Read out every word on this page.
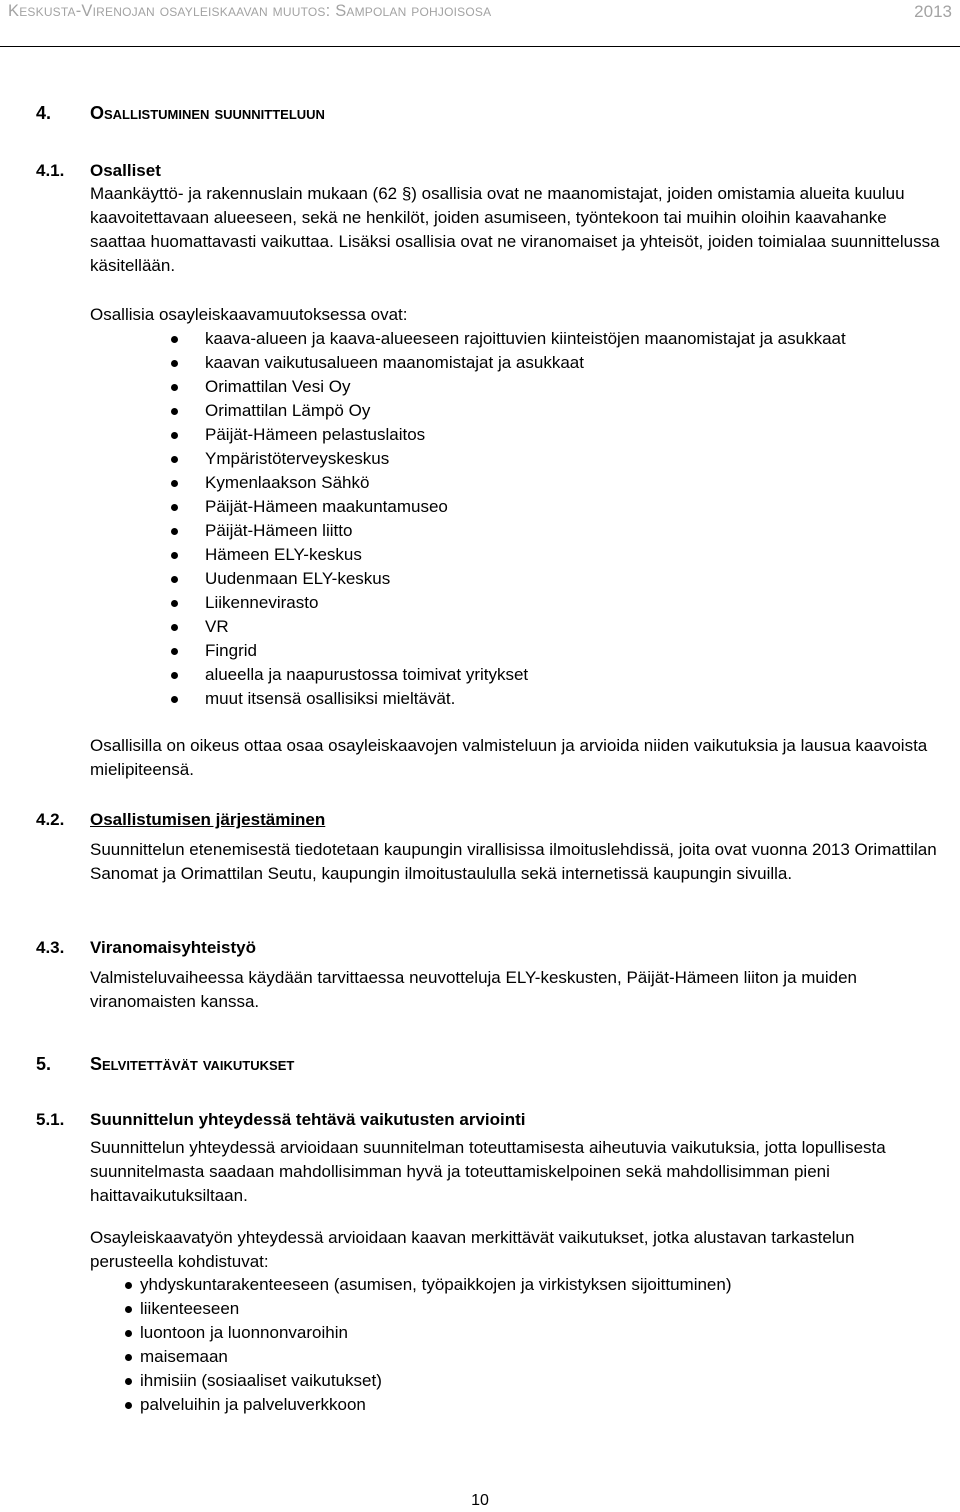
Keskusta-Virenojan osayleiskaavan muutos: Sampolan pohjoisosa	2013
4. Osallistuminen suunnitteluun
4.1. Osalliset

Maankäyttö- ja rakennuslain mukaan (62 §) osallisia ovat ne maanomistajat, joiden omistamia alueita kuuluu kaavoitettavaan alueeseen, sekä ne henkilöt, joiden asumiseen, työntekoon tai muihin oloihin kaavahanke saattaa huomattavasti vaikuttaa. Lisäksi osallisia ovat ne viranomaiset ja yhteisöt, joiden toimialaa suunnittelussa käsitellään.

Osallisia osayleiskaavamuutoksessa ovat:

kaava-alueen ja kaava-alueeseen rajoittuvien kiinteistöjen maanomistajat ja asukkaat
kaavan vaikutusalueen maanomistajat ja asukkaat
Orimattilan Vesi Oy
Orimattilan Lämpö Oy
Päijät-Hämeen pelastuslaitos
Ympäristöterveyskeskus
Kymenlaakson Sähkö
Päijät-Hämeen maakuntamuseo
Päijät-Hämeen liitto
Hämeen ELY-keskus
Uudenmaan ELY-keskus
Liikennevirasto
VR
Fingrid
alueella ja naapurustossa toimivat yritykset
muut itsensä osallisiksi mieltävät.

Osallisilla on oikeus ottaa osaa osayleiskaavojen valmisteluun ja arvioida niiden vaikutuksia ja lausua kaavoista mielipiteensä.

4.2. Osallistumisen järjestäminen

Suunnittelun etenemisestä tiedotetaan kaupungin virallisissa ilmoituslehdissä, joita ovat vuonna 2013 Orimattilan Sanomat ja Orimattilan Seutu, kaupungin ilmoitustaululla sekä internetissä kaupungin sivuilla.

4.3. Viranomaisyhteistyö

Valmisteluvaiheessa käydään tarvittaessa neuvotteluja ELY-keskusten, Päijät-Hämeen liiton ja muiden viranomaisten kanssa.

5. Selvitettävät vaikutukset
5.1. Suunnittelun yhteydessä tehtävä vaikutusten arviointi

Suunnittelun yhteydessä arvioidaan suunnitelman toteuttamisesta aiheutuvia vaikutuksia, jotta lopullisesta suunnitelmasta saadaan mahdollisimman hyvä ja toteuttamiskelpoinen sekä mahdollisimman pieni haittavaikutuksiltaan.

Osayleiskaavatyön yhteydessä arvioidaan kaavan merkittävät vaikutukset, jotka alustavan tarkastelun perusteella kohdistuvat:

yhdyskuntarakenteeseen (asumisen, työpaikkojen ja virkistyksen sijoittuminen)
liikenteeseen
luontoon ja luonnonvaroihin
maisemaan
ihmisiin (sosiaaliset vaikutukset)
palveluihin ja palveluverkkoon
10
